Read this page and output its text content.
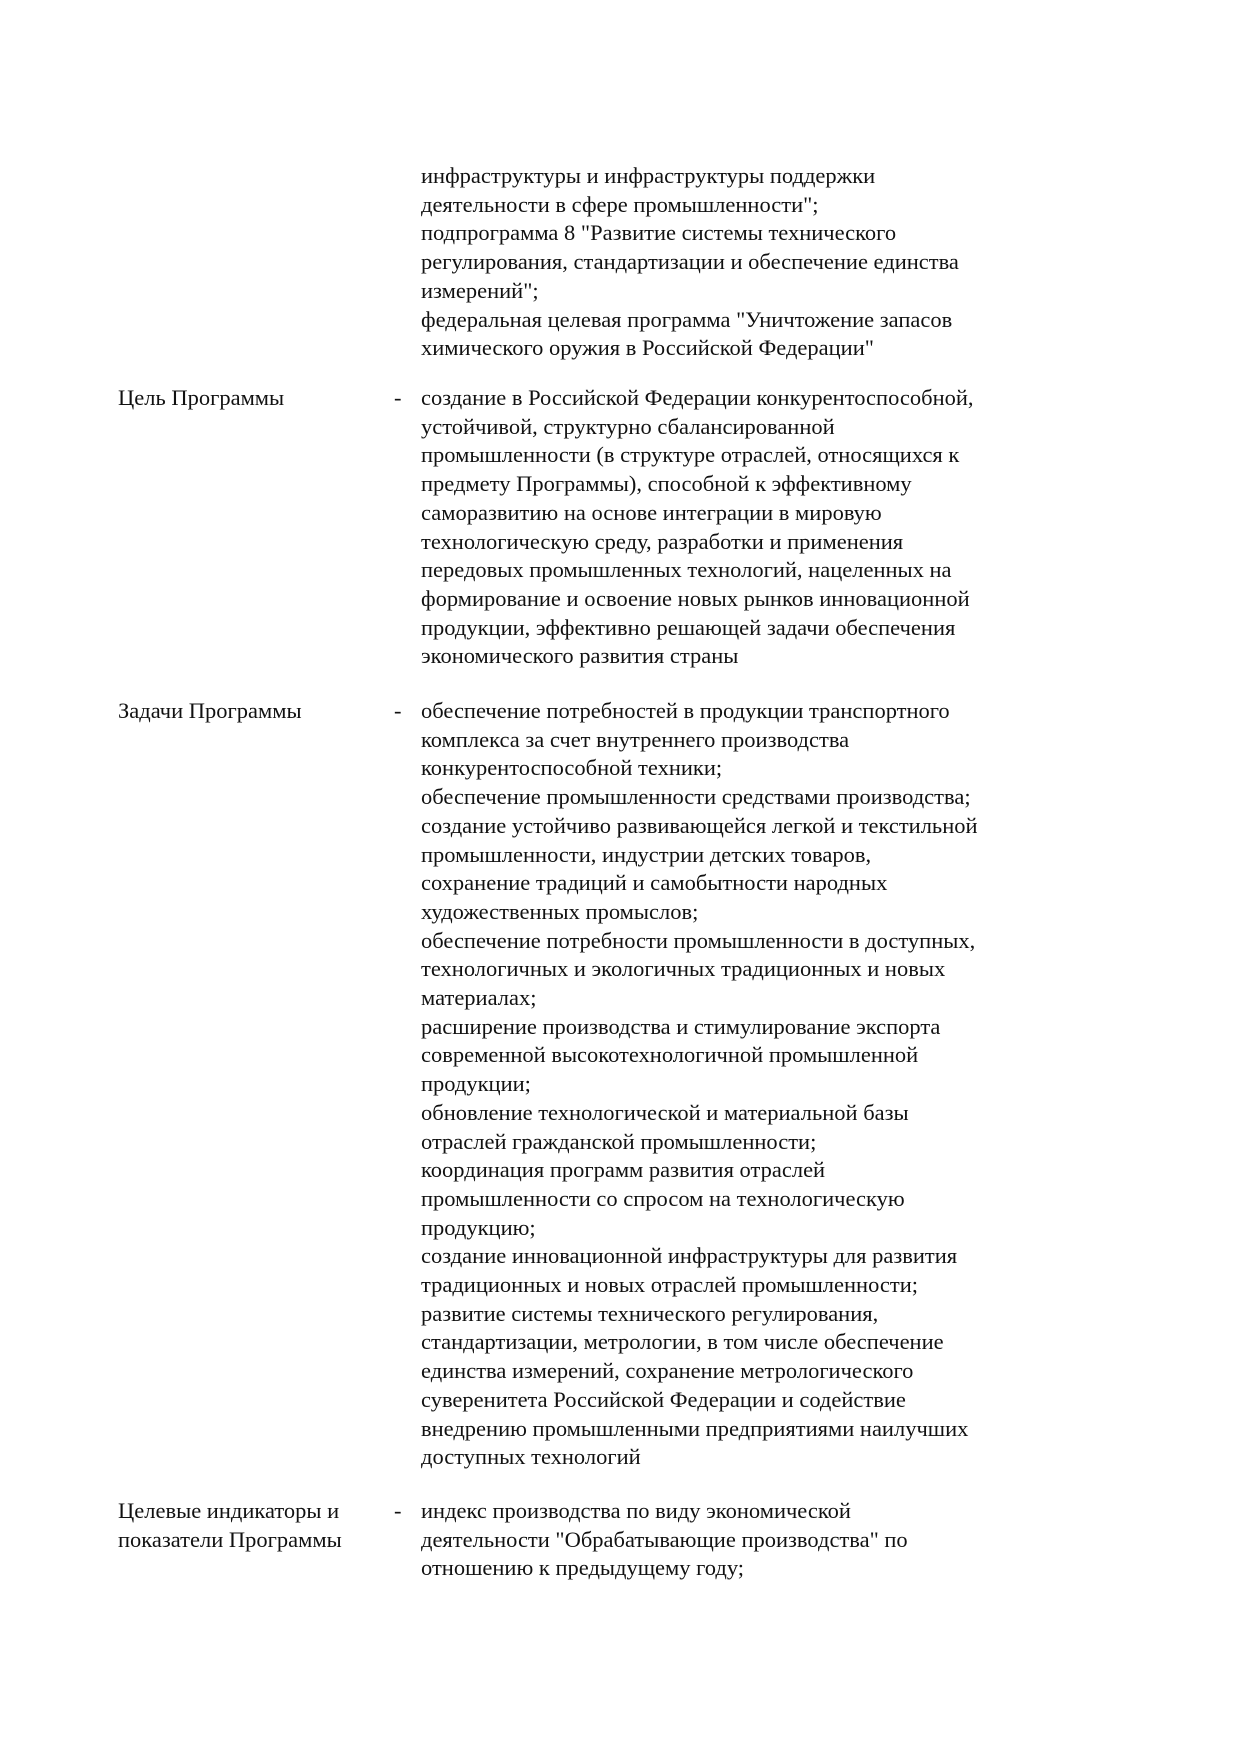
инфраструктуры и инфраструктуры поддержки
деятельности в сфере промышленности";
подпрограмма 8 "Развитие системы технического
регулирования, стандартизации и обеспечение единства
измерений";
федеральная целевая программа "Уничтожение запасов
химического оружия в Российской Федерации"
Цель Программы	- создание в Российской Федерации конкурентоспособной,
устойчивой, структурно сбалансированной
промышленности (в структуре отраслей, относящихся к
предмету Программы), способной к эффективному
саморазвитию на основе интеграции в мировую
технологическую среду, разработки и применения
передовых промышленных технологий, нацеленных на
формирование и освоение новых рынков инновационной
продукции, эффективно решающей задачи обеспечения
экономического развития страны
Задачи Программы	- обеспечение потребностей в продукции транспортного
комплекса за счет внутреннего производства
конкурентоспособной техники;
обеспечение промышленности средствами производства;
создание устойчиво развивающейся легкой и текстильной
промышленности, индустрии детских товаров,
сохранение традиций и самобытности народных
художественных промыслов;
обеспечение потребности промышленности в доступных,
технологичных и экологичных традиционных и новых
материалах;
расширение производства и стимулирование экспорта
современной высокотехнологичной промышленной
продукции;
обновление технологической и материальной базы
отраслей гражданской промышленности;
координация программ развития отраслей
промышленности со спросом на технологическую
продукцию;
создание инновационной инфраструктуры для развития
традиционных и новых отраслей промышленности;
развитие системы технического регулирования,
стандартизации, метрологии, в том числе обеспечение
единства измерений, сохранение метрологического
суверенитета Российской Федерации и содействие
внедрению промышленными предприятиями наилучших
доступных технологий
Целевые индикаторы и
показатели Программы
- индекс производства по виду экономической
деятельности "Обрабатывающие производства" по
отношению к предыдущему году;
